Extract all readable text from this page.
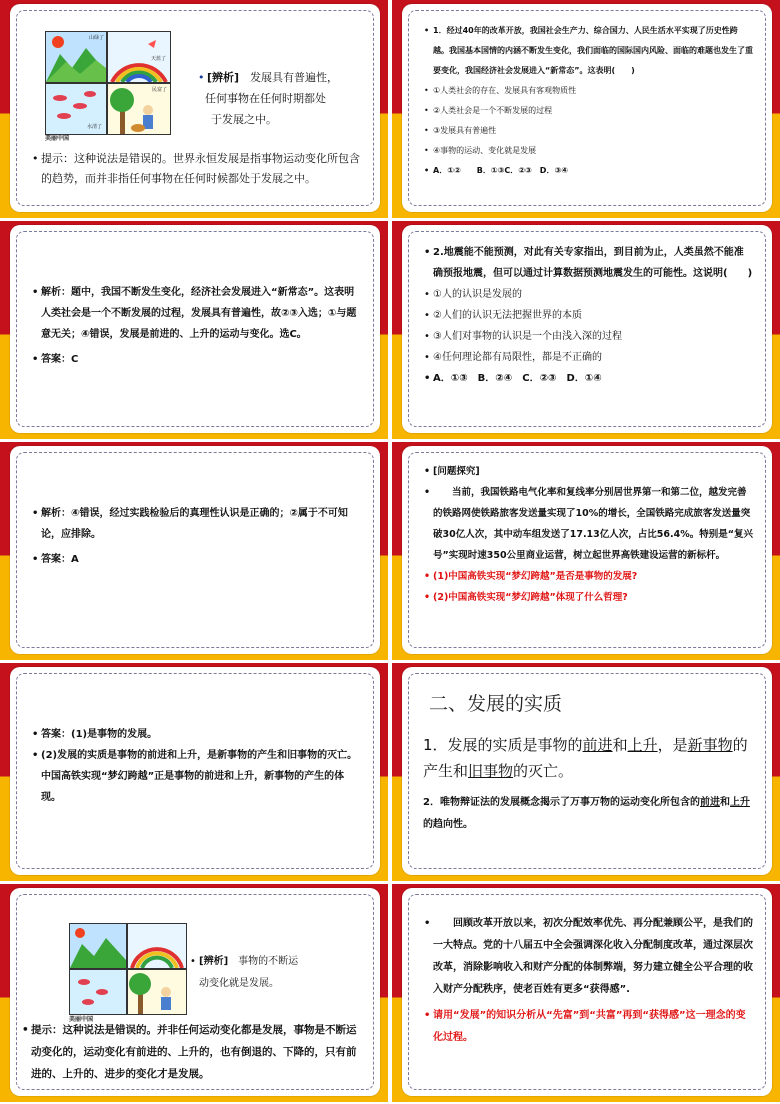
山绿了
天蓝了
水清了
民富了
美丽中国

• [辨析]　 发展具有普遍性，

任何事物在任何时期都处

于发展之中。

• 提示：这种说法是错误的。世界永恒发展是指事物运动变化所包含的趋势，而并非指任何事物在任何时候都处于发展之中。

• 1．经过40年的改革开放，我国社会生产力、综合国力、人民生活水平实现了历史性跨越。我国基本国情的内涵不断发生变化，我们面临的国际国内风险、面临的难题也发生了重要变化，我国经济社会发展进入“新常态”。这表明(　　)

• ①人类社会的存在、发展具有客观物质性

• ②人类社会是一个不断发展的过程

• ③发展具有普遍性

• ④事物的运动、变化就是发展

• A．①②　　B．①③C．②③　D．③④

• 解析：题中，我国不断发生变化，经济社会发展进入“新常态”。这表明人类社会是一个不断发展的过程，发展具有普遍性，故②③入选；①与题意无关；④错误，发展是前进的、上升的运动与变化。选C。

• 答案：C

• 2.地震能不能预测，对此有关专家指出，到目前为止，人类虽然不能准确预报地震，但可以通过计算数据预测地震发生的可能性。这说明(　　)

• ①人的认识是发展的

• ②人们的认识无法把握世界的本质

• ③人们对事物的认识是一个由浅入深的过程

• ④任何理论都有局限性，都是不正确的

• A．①③　B．②④　C．②③　D．①④

• 解析：④错误，经过实践检验后的真理性认识是正确的；②属于不可知论，应排除。

• 答案：A

• [问题探究]

• 　　当前，我国铁路电气化率和复线率分别居世界第一和第二位，越发完善的铁路网使铁路旅客发送量实现了10%的增长，全国铁路完成旅客发送量突破30亿人次，其中动车组发送了17.13亿人次，占比56.4%。特别是“复兴号”实现时速350公里商业运营，树立起世界高铁建设运营的新标杆。

• (1)中国高铁实现“梦幻跨越”是否是事物的发展?

• (2)中国高铁实现“梦幻跨越”体现了什么哲理?

• 答案：(1)是事物的发展。

• (2)发展的实质是事物的前进和上升，是新事物的产生和旧事物的灭亡。中国高铁实现“梦幻跨越”正是事物的前进和上升，新事物的产生的体现。

二、发展的实质

1．发展的实质是事物的前进和上升，是新事物的产生和旧事物的灭亡。

2．唯物辩证法的发展概念揭示了万事万物的运动变化所包含的前进和上升的趋向性。

美丽中国

• [辨析]　 事物的不断运

动变化就是发展。

• 提示：这种说法是错误的。并非任何运动变化都是发展，事物是不断运动变化的，运动变化有前进的、上升的，也有倒退的、下降的，只有前进的、上升的、进步的变化才是发展。

• 　　回顾改革开放以来，初次分配效率优先、再分配兼顾公平，是我们的一大特点。党的十八届五中全会强调深化收入分配制度改革，通过深层次改革，消除影响收入和财产分配的体制弊端，努力建立健全公平合理的收入财产分配秩序，使老百姓有更多“获得感”.

• 请用“发展”的知识分析从“先富”到“共富”再到“获得感”这一理念的变化过程。
